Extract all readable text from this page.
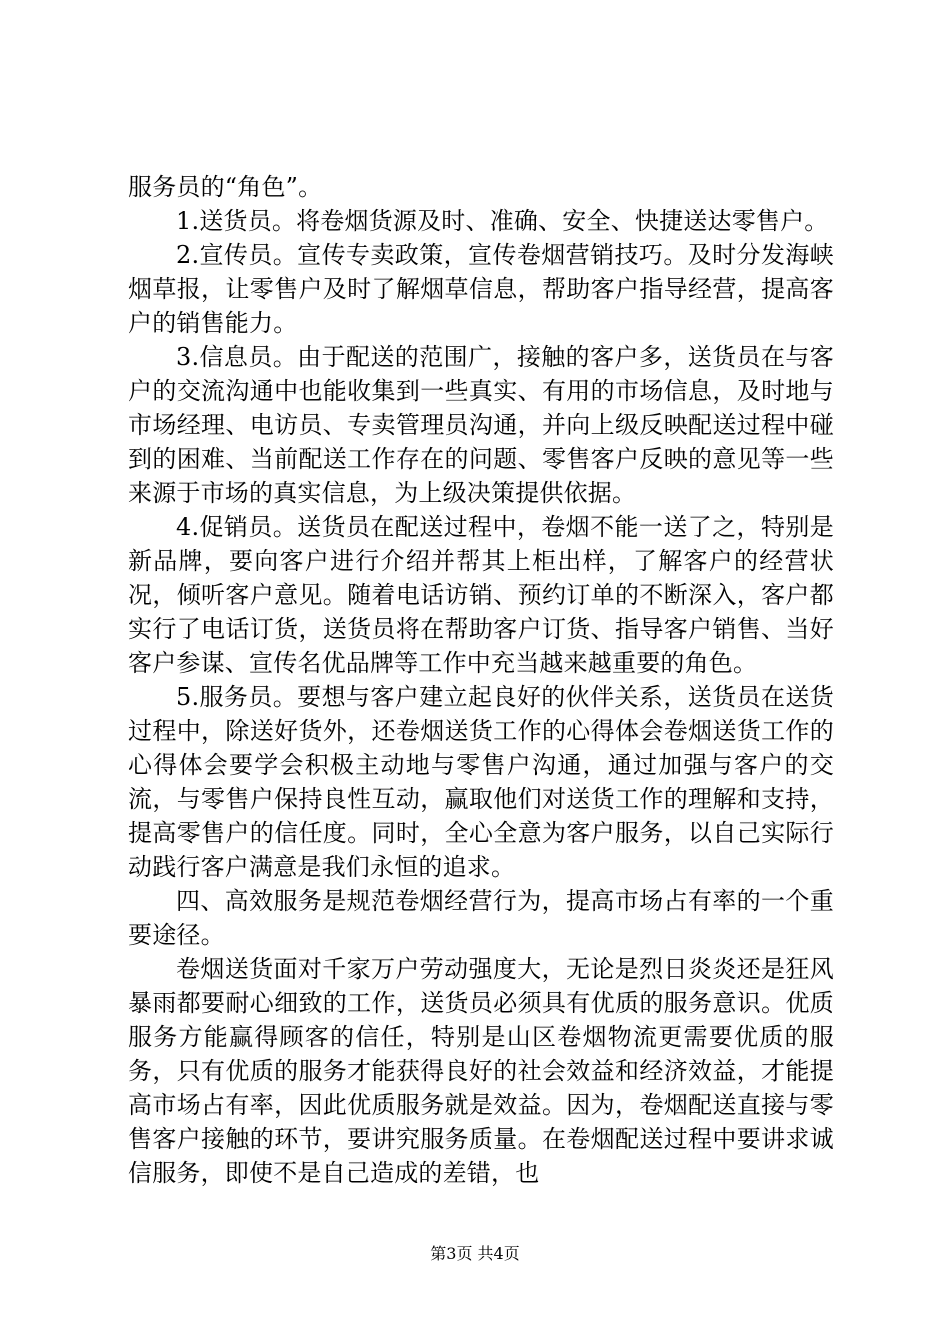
服务员的“角色”。

1.送货员。将卷烟货源及时、准确、安全、快捷送达零售户。

2.宣传员。宣传专卖政策，宣传卷烟营销技巧。及时分发海峡烟草报，让零售户及时了解烟草信息，帮助客户指导经营，提高客户的销售能力。

3.信息员。由于配送的范围广，接触的客户多，送货员在与客户的交流沟通中也能收集到一些真实、有用的市场信息，及时地与市场经理、电访员、专卖管理员沟通，并向上级反映配送过程中碰到的困难、当前配送工作存在的问题、零售客户反映的意见等一些来源于市场的真实信息，为上级决策提供依据。

4.促销员。送货员在配送过程中，卷烟不能一送了之，特别是新品牌，要向客户进行介绍并帮其上柜出样，了解客户的经营状况，倾听客户意见。随着电话访销、预约订单的不断深入，客户都实行了电话订货，送货员将在帮助客户订货、指导客户销售、当好客户参谋、宣传名优品牌等工作中充当越来越重要的角色。

5.服务员。要想与客户建立起良好的伙伴关系，送货员在送货过程中，除送好货外，还卷烟送货工作的心得体会卷烟送货工作的心得体会要学会积极主动地与零售户沟通，通过加强与客户的交流，与零售户保持良性互动，赢取他们对送货工作的理解和支持，提高零售户的信任度。同时，全心全意为客户服务，以自己实际行动践行客户满意是我们永恒的追求。

四、高效服务是规范卷烟经营行为，提高市场占有率的一个重要途径。

卷烟送货面对千家万户劳动强度大，无论是烈日炎炎还是狂风暴雨都要耐心细致的工作，送货员必须具有优质的服务意识。优质服务方能赢得顾客的信任，特别是山区卷烟物流更需要优质的服务，只有优质的服务才能获得良好的社会效益和经济效益，才能提高市场占有率，因此优质服务就是效益。因为，卷烟配送直接与零售客户接触的环节，要讲究服务质量。在卷烟配送过程中要讲求诚信服务，即使不是自己造成的差错，也

第3页 共4页
